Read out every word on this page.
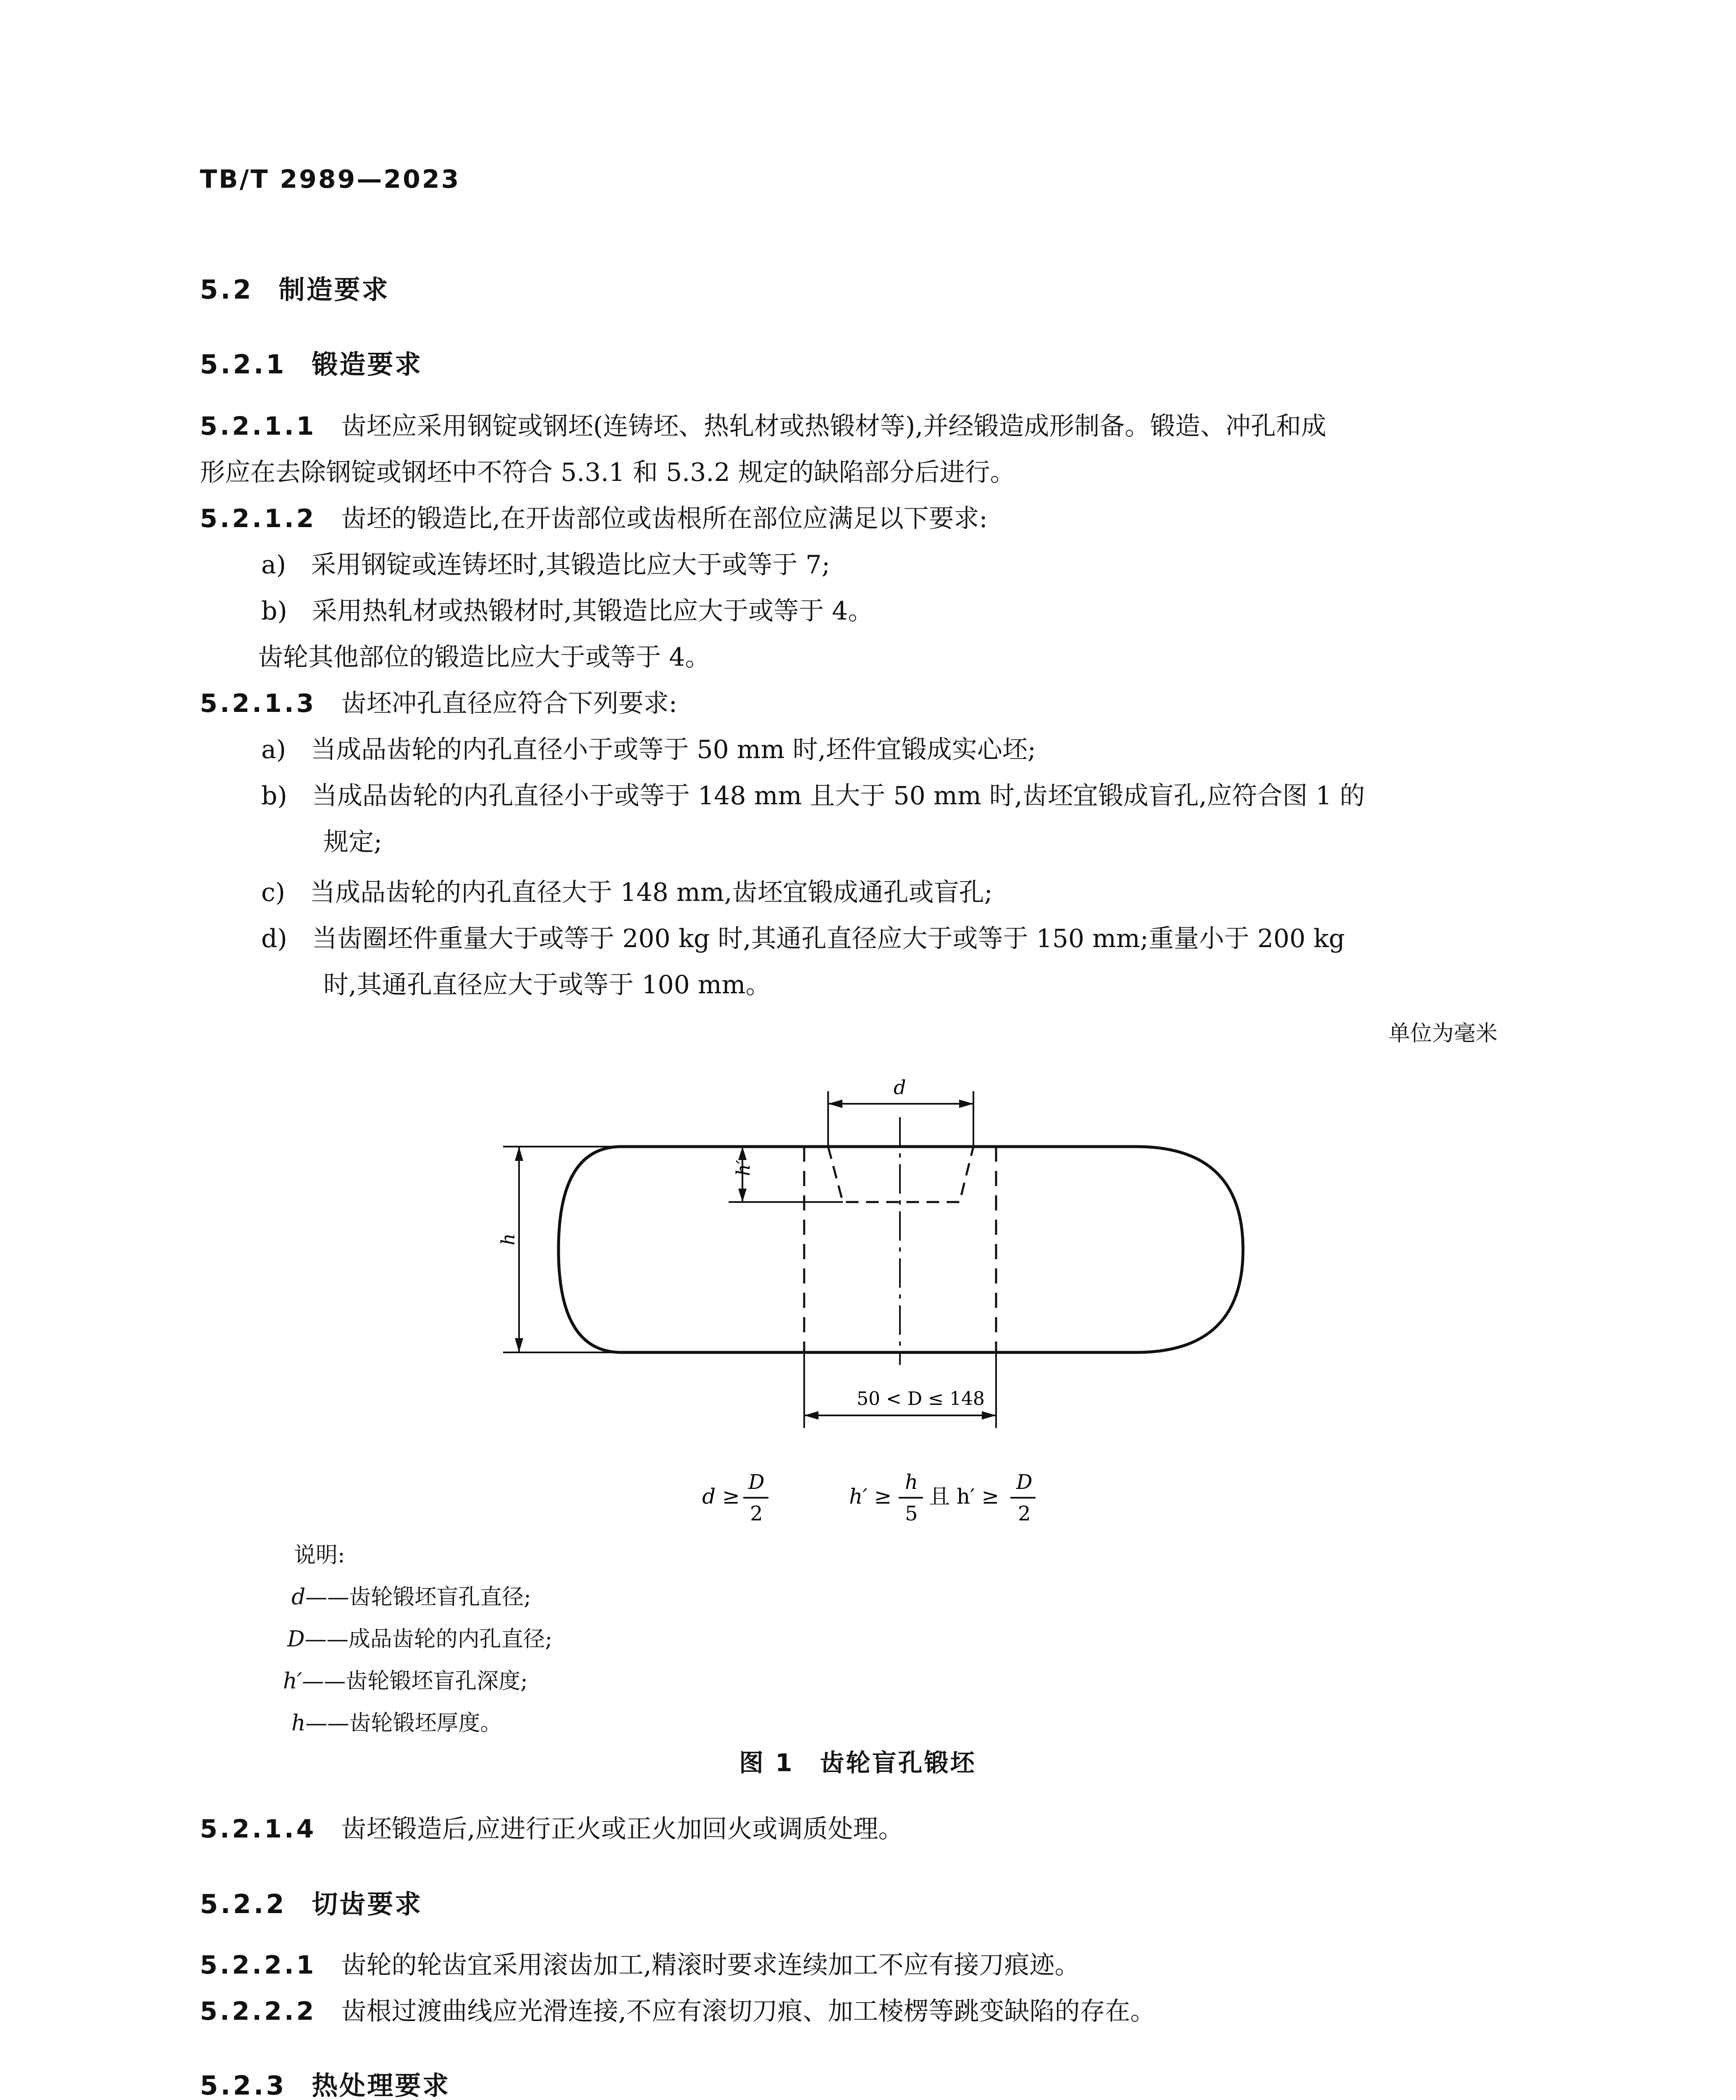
TB/T 2989—2023
5.2 制造要求
5.2.1 锻造要求
5.2.1.1 齿坯应采用钢锭或钢坯(连铸坯、热轧材或热锻材等),并经锻造成形制备。锻造、冲孔和成
形应在去除钢锭或钢坯中不符合 5.3.1 和 5.3.2 规定的缺陷部分后进行。
5.2.1.2 齿坯的锻造比,在开齿部位或齿根所在部位应满足以下要求:
a) 采用钢锭或连铸坯时,其锻造比应大于或等于 7;
b) 采用热轧材或热锻材时,其锻造比应大于或等于 4。
齿轮其他部位的锻造比应大于或等于 4。
5.2.1.3 齿坯冲孔直径应符合下列要求:
a) 当成品齿轮的内孔直径小于或等于 50 mm 时,坯件宜锻成实心坯;
b) 当成品齿轮的内孔直径小于或等于 148 mm 且大于 50 mm 时,齿坯宜锻成盲孔,应符合图 1 的
规定;
c) 当成品齿轮的内孔直径大于 148 mm,齿坯宜锻成通孔或盲孔;
d) 当齿圈坯件重量大于或等于 200 kg 时,其通孔直径应大于或等于 150 mm;重量小于 200 kg
时,其通孔直径应大于或等于 100 mm。
单位为毫米
d
h′
h
50 < D ≤ 148
d ≥
D
2
h′ ≥
h
5
且 h′ ≥
D
2
说明:
d——齿轮锻坯盲孔直径;
D——成品齿轮的内孔直径;
h′——齿轮锻坯盲孔深度;
h——齿轮锻坯厚度。
图 1　齿轮盲孔锻坯
5.2.1.4 齿坯锻造后,应进行正火或正火加回火或调质处理。
5.2.2 切齿要求
5.2.2.1 齿轮的轮齿宜采用滚齿加工,精滚时要求连续加工不应有接刀痕迹。
5.2.2.2 齿根过渡曲线应光滑连接,不应有滚切刀痕、加工棱楞等跳变缺陷的存在。
5.2.3 热处理要求
